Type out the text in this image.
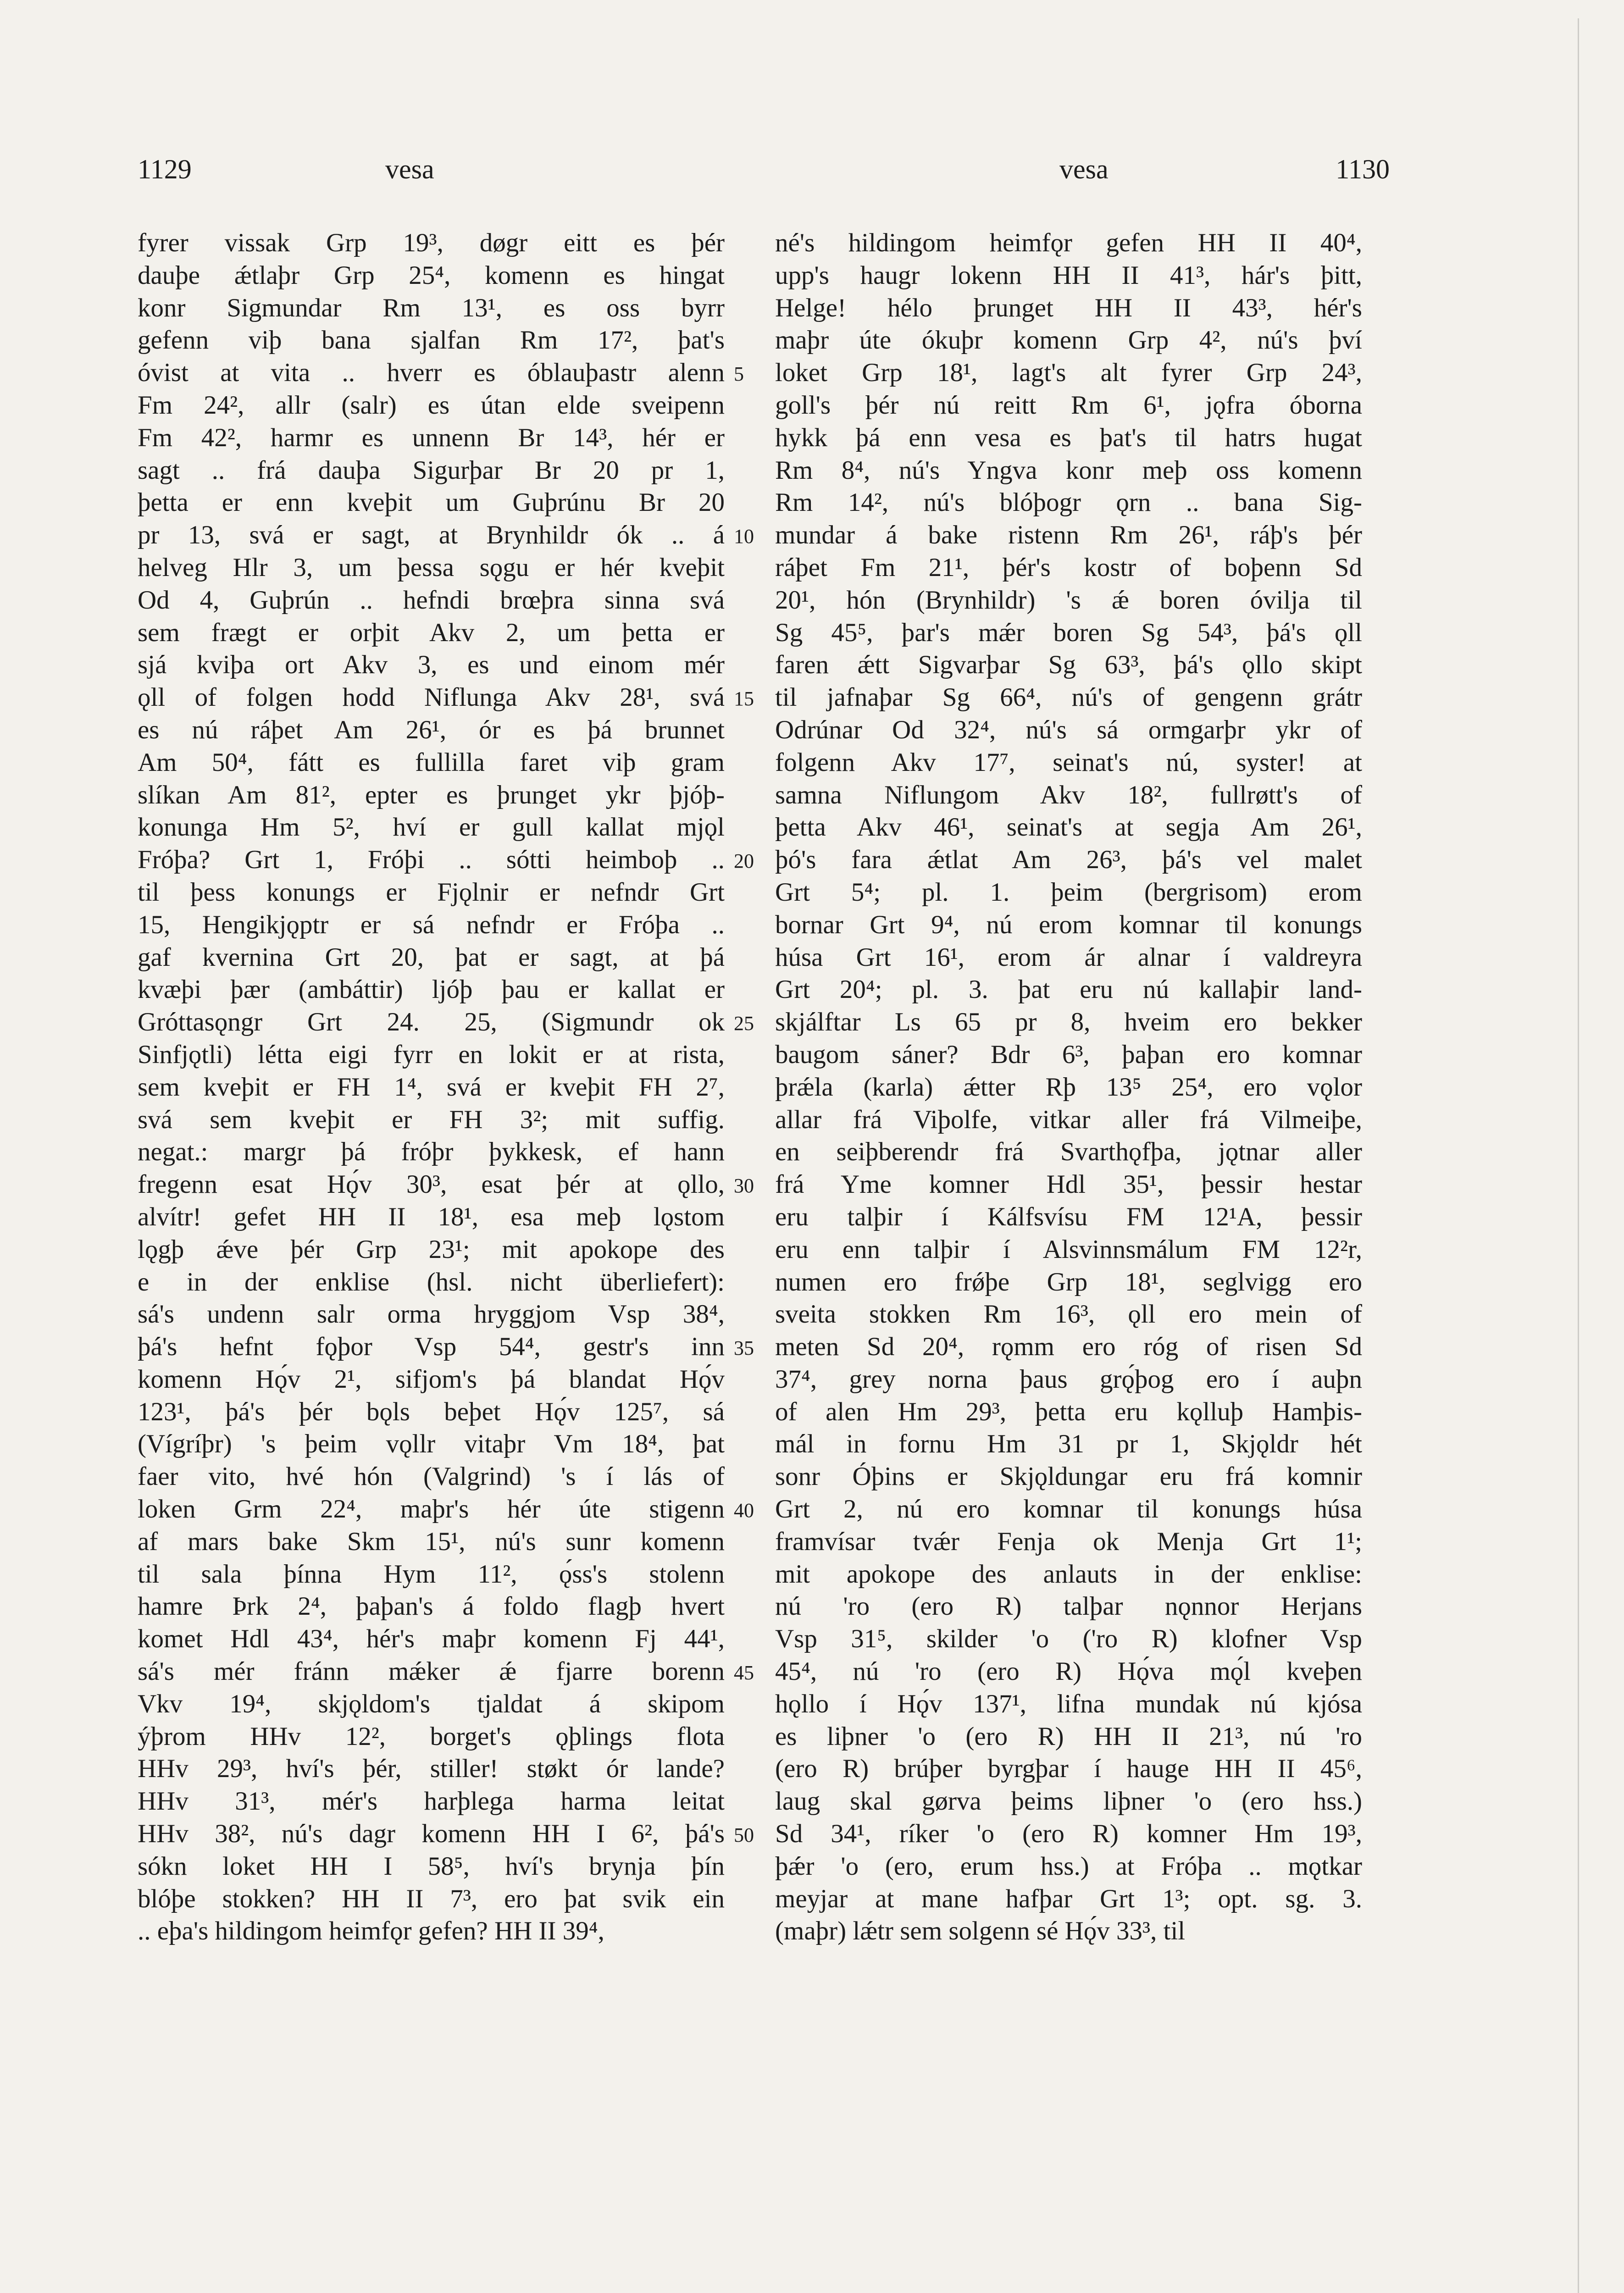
1129	vesa	vesa	1130
fyrer vissak Grp 19³, døgr eitt es þér
dauþe ǽtlaþr Grp 25⁴, komenn es hingat
konr Sigmundar Rm 13¹, es oss byrr
gefenn viþ bana sjalfan Rm 17², þat's
óvist at vita .. hverr es óblauþastr alenn
Fm 24², allr (salr) es útan elde sveipenn
Fm 42², harmr es unnenn Br 14³, hér er
sagt .. frá dauþa Sigurþar Br 20 pr 1,
þetta er enn kveþit um Guþrúnu Br 20
pr 13, svá er sagt, at Brynhildr ók .. á
helveg Hlr 3, um þessa sǫgu er hér kveþit
Od 4, Guþrún .. hefndi brœþra sinna svá
sem frægt er orþit Akv 2, um þetta er
sjá kviþa ort Akv 3, es und einom mér
ǫll of folgen hodd Niflunga Akv 28¹, svá
es nú ráþet Am 26¹, ór es þá brunnet
Am 50⁴, fátt es fullilla faret viþ gram
slíkan Am 81², epter es þrunget ykr þjóþ-
konunga Hm 5², hví er gull kallat mjǫl
Fróþa? Grt 1, Fróþi .. sótti heimboþ ..
til þess konungs er Fjǫlnir er nefndr Grt
15, Hengikjǫptr er sá nefndr er Fróþa ..
gaf kvernina Grt 20, þat er sagt, at þá
kvæþi þær (ambáttir) ljóþ þau er kallat er
Gróttasǫngr Grt 24. 25, (Sigmundr ok
Sinfjǫtli) létta eigi fyrr en lokit er at rista,
sem kveþit er FH 1⁴, svá er kveþit FH 2⁷,
svá sem kveþit er FH 3²; mit suffig.
negat.: margr þá fróþr þykkesk, ef hann
fregenn esat Hǫ́v 30³, esat þér at ǫllo,
alvítr! gefet HH II 18¹, esa meþ lǫstom
lǫgþ ǽve þér Grp 23¹; mit apokope des
e in der enklise (hsl. nicht überliefert):
sá's undenn salr orma hryggjom Vsp 38⁴,
þá's hefnt fǫþor Vsp 54⁴, gestr's inn
komenn Hǫ́v 2¹, sifjom's þá blandat Hǫ́v
123¹, þá's þér bǫls beþet Hǫ́v 125⁷, sá
(Vígríþr) 's þeim vǫllr vitaþr Vm 18⁴, þat
faer vito, hvé hón (Valgrind) 's í lás of
loken Grm 22⁴, maþr's hér úte stigenn
af mars bake Skm 15¹, nú's sunr komenn
til sala þínna Hym 11², ǫ́ss's stolenn
hamre Þrk 2⁴, þaþan's á foldo flagþ hvert
komet Hdl 43⁴, hér's maþr komenn Fj 44¹,
sá's mér fránn mǽker ǽ fjarre borenn
Vkv 19⁴, skjǫldom's tjaldat á skipom
ýþrom HHv 12², borget's ǫþlings flota
HHv 29³, hví's þér, stiller! støkt ór lande?
HHv 31³, mér's harþlega harma leitat
HHv 38², nú's dagr komenn HH I 6², þá's
sókn loket HH I 58⁵, hví's brynja þín
blóþe stokken? HH II 7³, ero þat svik ein
.. eþa's hildingom heimfǫr gefen? HH II 39⁴,
5
10
15
20
25
30
35
40
45
50
né's hildingom heimfǫr gefen HH II 40⁴,
upp's haugr lokenn HH II 41³, hár's þitt,
Helge! hélo þrunget HH II 43³, hér's
maþr úte ókuþr komenn Grp 4², nú's því
loket Grp 18¹, lagt's alt fyrer Grp 24³,
goll's þér nú reitt Rm 6¹, jǫfra óborna
hykk þá enn vesa es þat's til hatrs hugat
Rm 8⁴, nú's Yngva konr meþ oss komenn
Rm 14², nú's blóþogr ǫrn .. bana Sig-
mundar á bake ristenn Rm 26¹, ráþ's þér
ráþet Fm 21¹, þér's kostr of boþenn Sd
20¹, hón (Brynhildr) 's ǽ boren óvilja til
Sg 45⁵, þar's mǽr boren Sg 54³, þá's ǫll
faren ǽtt Sigvarþar Sg 63³, þá's ǫllo skipt
til jafnaþar Sg 66⁴, nú's of gengenn grátr
Odrúnar Od 32⁴, nú's sá ormgarþr ykr of
folgenn Akv 17⁷, seinat's nú, syster! at
samna Niflungom Akv 18², fullrøtt's of
þetta Akv 46¹, seinat's at segja Am 26¹,
þó's fara ǽtlat Am 26³, þá's vel malet
Grt 5⁴; pl. 1. þeim (bergrisom) erom
bornar Grt 9⁴, nú erom komnar til konungs
húsa Grt 16¹, erom ár alnar í valdreyra
Grt 20⁴; pl. 3. þat eru nú kallaþir land-
skjálftar Ls 65 pr 8, hveim ero bekker
baugom sáner? Bdr 6³, þaþan ero komnar
þrǽla (karla) ǽtter Rþ 13⁵ 25⁴, ero vǫlor
allar frá Viþolfe, vitkar aller frá Vilmeiþe,
en seiþberendr frá Svarthǫfþa, jǫtnar aller
frá Yme komner Hdl 35¹, þessir hestar
eru talþir í Kálfsvísu FM 12¹A, þessir
eru enn talþir í Alsvinnsmálum FM 12²r,
numen ero frǿþe Grp 18¹, seglvigg ero
sveita stokken Rm 16³, ǫll ero mein of
meten Sd 20⁴, rǫmm ero róg of risen Sd
37⁴, grey norna þaus grǫ́þog ero í auþn
of alen Hm 29³, þetta eru kǫlluþ Hamþis-
mál in fornu Hm 31 pr 1, Skjǫldr hét
sonr Óþins er Skjǫldungar eru frá komnir
Grt 2, nú ero komnar til konungs húsa
framvísar tvǽr Fenja ok Menja Grt 1¹;
mit apokope des anlauts in der enklise:
nú 'ro (ero R) talþar nǫnnor Herjans
Vsp 31⁵, skilder 'o ('ro R) klofner Vsp
45⁴, nú 'ro (ero R) Hǫ́va mǫ́l kveþen
hǫllo í Hǫ́v 137¹, lifna mundak nú kjósa
es liþner 'o (ero R) HH II 21³, nú 'ro
(ero R) brúþer byrgþar í hauge HH II 45⁶,
laug skal gørva þeims liþner 'o (ero hss.)
Sd 34¹, ríker 'o (ero R) komner Hm 19³,
þǽr 'o (ero, erum hss.) at Fróþa .. mǫtkar
meyjar at mane hafþar Grt 1³; opt. sg. 3.
(maþr) lǽtr sem solgenn sé Hǫ́v 33³, til
